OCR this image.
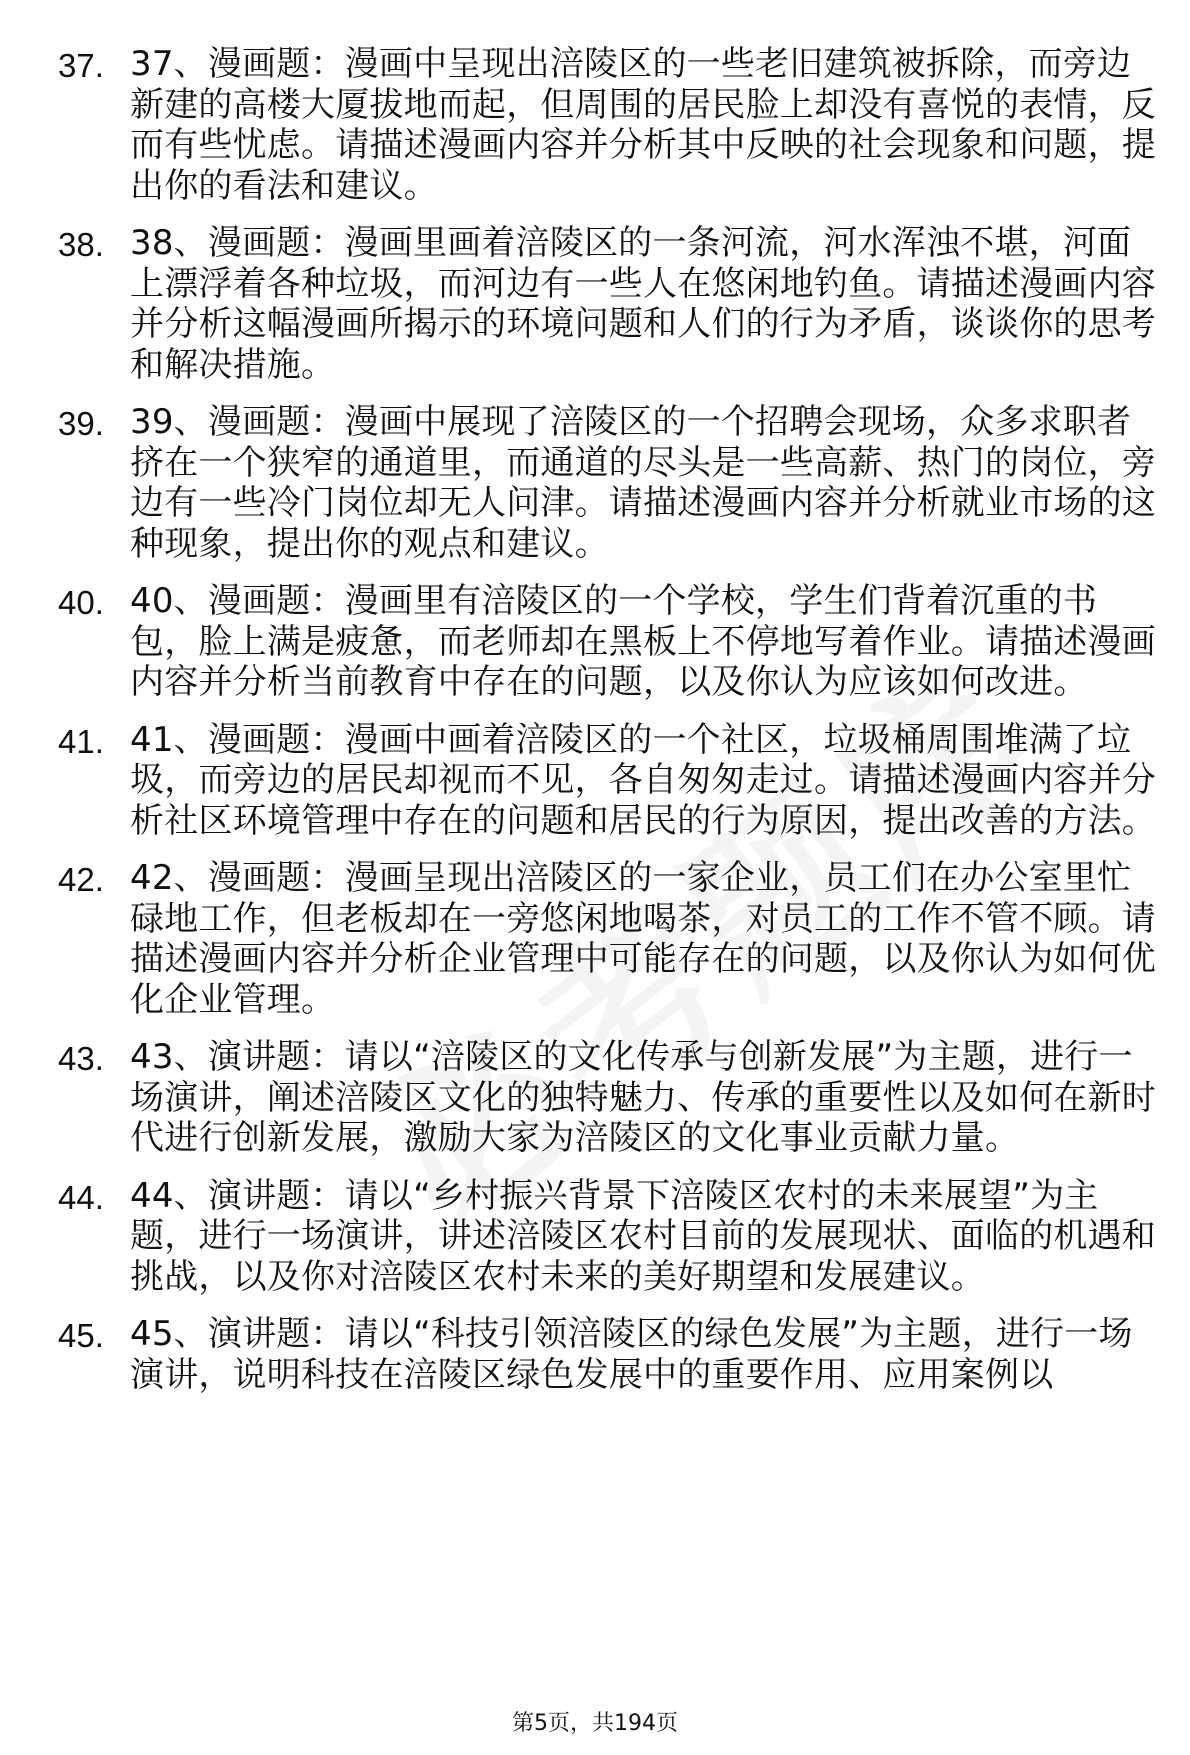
37. 37、漫画题：漫画中呈现出涪陵区的一些老旧建筑被拆除，而旁边新建的高楼大厦拔地而起，但周围的居民脸上却没有喜悦的表情，反而有些忧虑。请描述漫画内容并分析其中反映的社会现象和问题，提出你的看法和建议。
38. 38、漫画题：漫画里画着涪陵区的一条河流，河水浑浊不堪，河面上漂浮着各种垃圾，而河边有一些人在悠闲地钓鱼。请描述漫画内容并分析这幅漫画所揭示的环境问题和人们的行为矛盾，谈谈你的思考和解决措施。
39. 39、漫画题：漫画中展现了涪陵区的一个招聘会现场，众多求职者挤在一个狭窄的通道里，而通道的尽头是一些高薪、热门的岗位，旁边有一些冷门岗位却无人问津。请描述漫画内容并分析就业市场的这种现象，提出你的观点和建议。
40. 40、漫画题：漫画里有涪陵区的一个学校，学生们背着沉重的书包，脸上满是疲惫，而老师却在黑板上不停地写着作业。请描述漫画内容并分析当前教育中存在的问题，以及你认为应该如何改进。
41. 41、漫画题：漫画中画着涪陵区的一个社区，垃圾桶周围堆满了垃圾，而旁边的居民却视而不见，各自匆匆走过。请描述漫画内容并分析社区环境管理中存在的问题和居民的行为原因，提出改善的方法。
42. 42、漫画题：漫画呈现出涪陵区的一家企业，员工们在办公室里忙碌地工作，但老板却在一旁悠闲地喝茶，对员工的工作不管不顾。请描述漫画内容并分析企业管理中可能存在的问题，以及你认为如何优化企业管理。
43. 43、演讲题：请以“涪陵区的文化传承与创新发展”为主题，进行一场演讲，阐述涪陵区文化的独特魅力、传承的重要性以及如何在新时代进行创新发展，激励大家为涪陵区的文化事业贡献力量。
44. 44、演讲题：请以“乡村振兴背景下涪陵区农村的未来展望”为主题，进行一场演讲，讲述涪陵区农村目前的发展现状、面临的机遇和挑战，以及你对涪陵区农村未来的美好期望和发展建议。
45. 45、演讲题：请以“科技引领涪陵区的绿色发展”为主题，进行一场演讲，说明科技在涪陵区绿色发展中的重要作用、应用案例以
第5页，共194页
